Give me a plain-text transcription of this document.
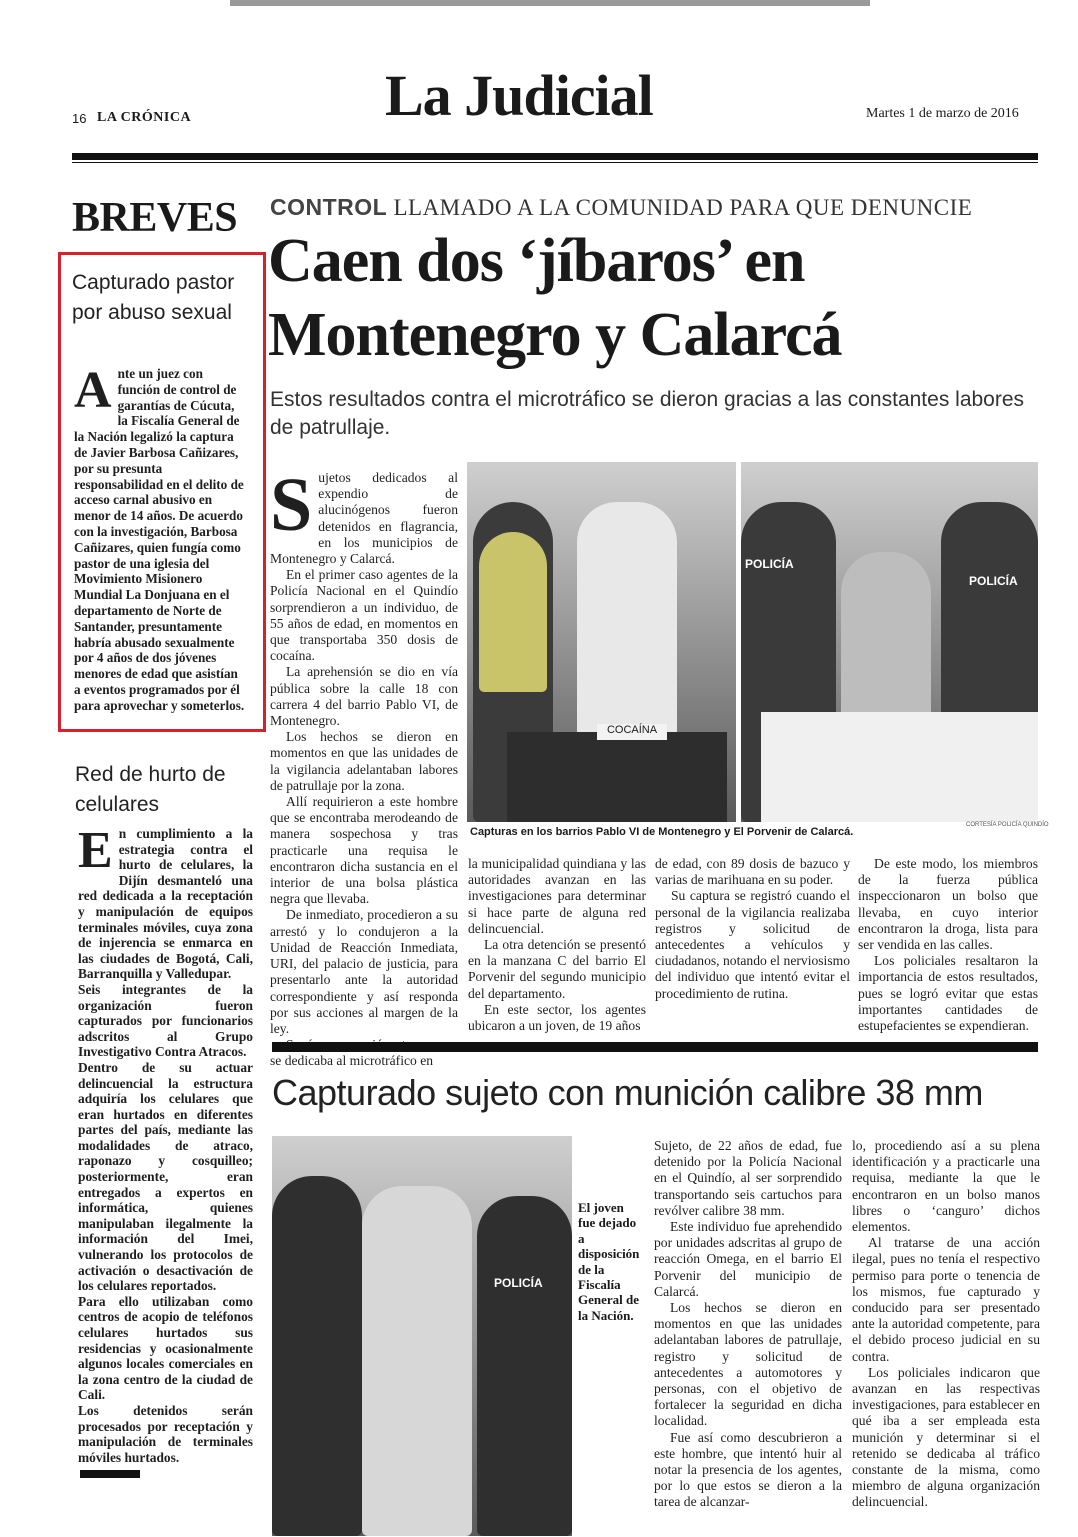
16 LA CRÓNICA	La Judicial	Martes 1 de marzo de 2016
BREVES
Capturado pastor por abuso sexual
Ante un juez con función de control de garantías de Cúcuta, la Fiscalía General de la Nación legalizó la captura de Javier Barbosa Cañizares, por su presunta responsabilidad en el delito de acceso carnal abusivo en menor de 14 años. De acuerdo con la investigación, Barbosa Cañizares, quien fungía como pastor de una iglesia del Movimiento Misionero Mundial La Donjuana en el departamento de Norte de Santander, presuntamente habría abusado sexualmente por 4 años de dos jóvenes menores de edad que asistían a eventos programados por él para aprovechar y someterlos.
Red de hurto de celulares
E n cumplimiento a la estrategia contra el hurto de celulares, la Dijín desmanteló una red dedicada a la receptación y manipulación de equipos terminales móviles, cuya zona de injerencia se enmarca en las ciudades de Bogotá, Cali, Barranquilla y Valledupar.
Seis integrantes de la organización fueron capturados por funcionarios adscritos al Grupo Investigativo Contra Atracos.
Dentro de su actuar delincuencial la estructura adquiría los celulares que eran hurtados en diferentes partes del país, mediante las modalidades de atraco, raponazo y cosquilleo; posteriormente, eran entregados a expertos en informática, quienes manipulaban ilegalmente la información del Imei, vulnerando los protocolos de activación o desactivación de los celulares reportados.
Para ello utilizaban como centros de acopio de teléfonos celulares hurtados sus residencias y ocasionalmente algunos locales comerciales en la zona centro de la ciudad de Cali.
Los detenidos serán procesados por receptación y manipulación de terminales móviles hurtados.
CONTROL LLAMADO A LA COMUNIDAD PARA QUE DENUNCIE
Caen dos ‘jíbaros’ en
Montenegro y Calarcá
Estos resultados contra el microtráfico se dieron gracias a las constantes labores de patrullaje.
S ujetos dedicados al expendio de alucinógenos fueron detenidos en flagrancia, en los municipios de Montenegro y Calarcá.

En el primer caso agentes de la Policía Nacional en el Quindío sorprendieron a un individuo, de 55 años de edad, en momentos en que transportaba 350 dosis de cocaína.

La aprehensión se dio en vía pública sobre la calle 18 con carrera 4 del barrio Pablo VI, de Montenegro.

Los hechos se dieron en momentos en que las unidades de la vigilancia adelantaban labores de patrullaje por la zona.

Allí requirieron a este hombre que se encontraba merodeando de manera sospechosa y tras practicarle una requisa le encontraron dicha sustancia en el interior de una bolsa plástica negra que llevaba.

De inmediato, procedieron a su arrestó y lo condujeron a la Unidad de Reacción Inmediata, URI, del palacio de justicia, para presentarlo ante la autoridad correspondiente y así responda por sus acciones al margen de la ley.

se dedicaba al microtráfico en

COCAÍNA
POLICÍA
POLICÍA
Capturas en los barrios Pablo VI de Montenegro y El Porvenir de Calarcá.
CORTESÍA POLICÍA QUINDÍO

la municipalidad quindiana y las autoridades avanzan en las investigaciones para determinar si hace parte de alguna red delincuencial.

La otra detención se presentó en la manzana C del barrio El Porvenir del segundo municipio del departamento.

En este sector, los agentes ubicaron a un joven, de 19 años

de edad, con 89 dosis de bazuco y varias de marihuana en su poder.

Su captura se registró cuando el personal de la vigilancia realizaba registros y solicitud de antecedentes a vehículos y ciudadanos, notando el nerviosismo del individuo que intentó evitar el procedimiento de rutina.

De este modo, los miembros de la fuerza pública inspeccionaron un bolso que llevaba, en cuyo interior encontraron la droga, lista para ser vendida en las calles.

Los policiales resaltaron la importancia de estos resultados, pues se logró evitar que estas importantes cantidades de estupefacientes se expendieran.

Capturado sujeto con munición calibre 38 mm
POLICÍA
El joven fue dejado a disposición de la Fiscalía General de la Nación.

Sujeto, de 22 años de edad, fue detenido por la Policía Nacional en el Quindío, al ser sorprendido transportando seis cartuchos para revólver calibre 38 mm.

Este individuo fue aprehendido por unidades adscritas al grupo de reacción Omega, en el barrio El Porvenir del municipio de Calarcá.

Los hechos se dieron en momentos en que las unidades adelantaban labores de patrullaje, registro y solicitud de antecedentes a automotores y personas, con el objetivo de fortalecer la seguridad en dicha localidad.

Fue así como descubrieron a este hombre, que intentó huir al notar la presencia de los agentes, por lo que estos se dieron a la tarea de alcanzar-

lo, procediendo así a su plena identificación y a practicarle una requisa, mediante la que le encontraron en un bolso manos libres o ‘canguro’ dichos elementos.

Al tratarse de una acción ilegal, pues no tenía el respectivo permiso para porte o tenencia de los mismos, fue capturado y conducido para ser presentado ante la autoridad competente, para el debido proceso judicial en su contra.

Los policiales indicaron que avanzan en las respectivas investigaciones, para establecer en qué iba a ser empleada esta munición y determinar si el retenido se dedicaba al tráfico constante de la misma, como miembro de alguna organización delincuencial.
